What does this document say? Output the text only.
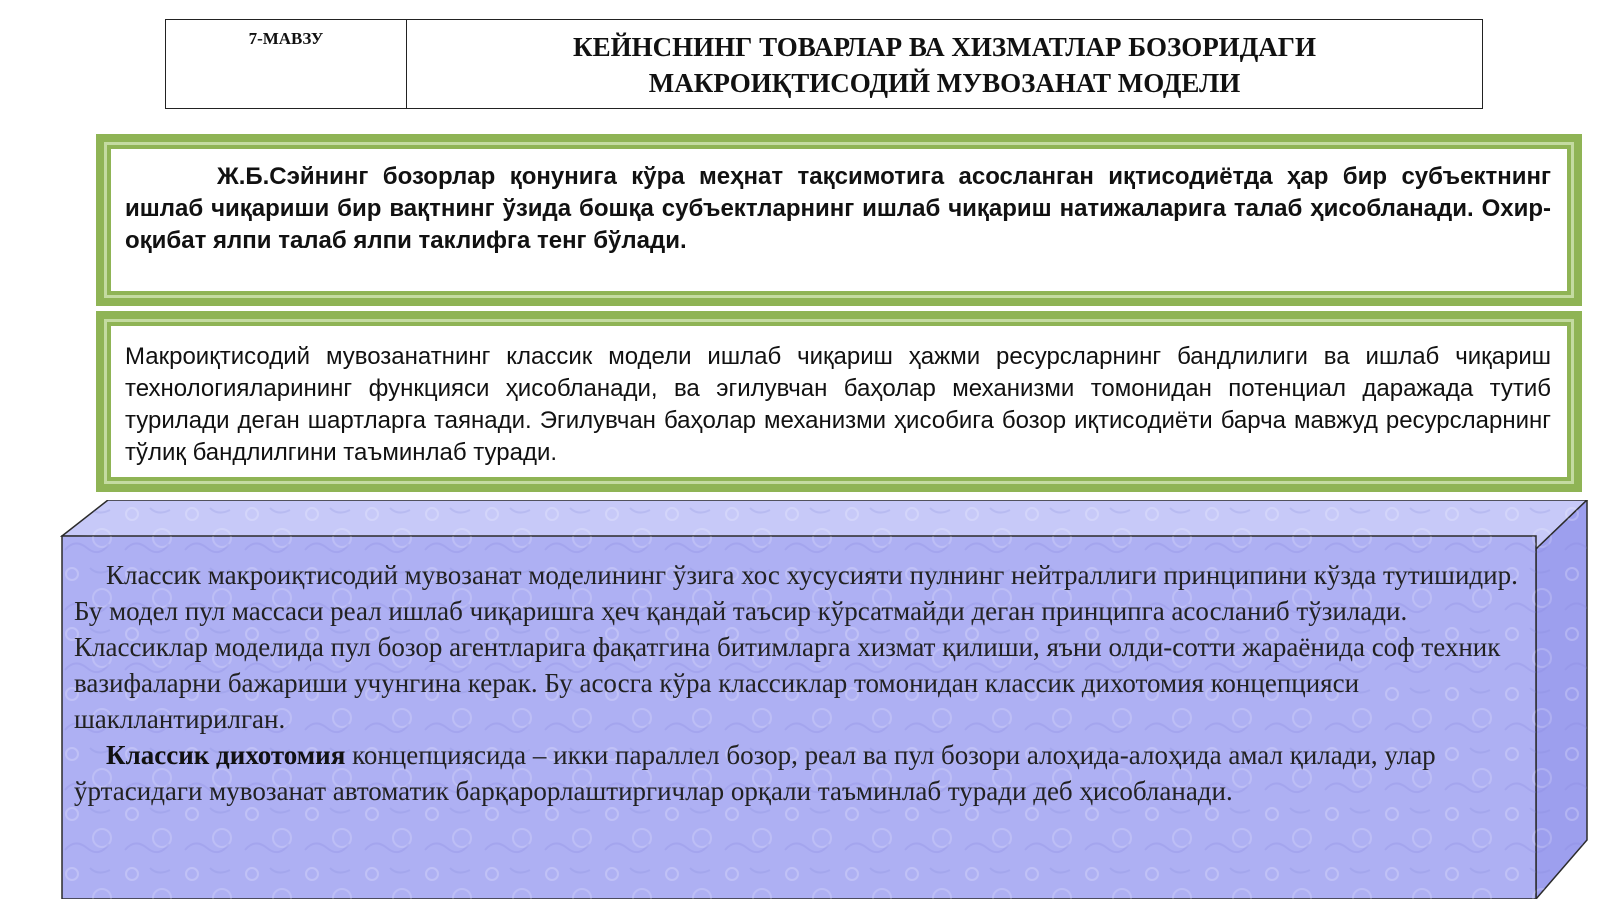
7-МАВЗУ	КЕЙНСНИНГ ТОВАРЛАР ВА ХИЗМАТЛАР БОЗОРИДАГИ
МАКРОИҚТИСОДИЙ МУВОЗАНАТ МОДЕЛИ
Ж.Б.Сэйнинг бозорлар қонунига кўра меҳнат тақсимотига асосланган иқтисодиётда ҳар бир субъектнинг ишлаб чиқариши бир вақтнинг ўзида бошқа субъектларнинг ишлаб чиқариш натижаларига талаб ҳисобланади. Охир-оқибат ялпи талаб ялпи таклифга тенг бўлади.
Макроиқтисодий мувозанатнинг классик модели ишлаб чиқариш ҳажми ресурсларнинг бандлилиги ва ишлаб чиқариш технологияларининг функцияси ҳисобланади, ва эгилувчан баҳолар механизми томонидан потенциал даражада тутиб турилади деган шартларга таянади. Эгилувчан баҳолар механизми ҳисобига бозор иқтисодиёти барча мавжуд ресурсларнинг тўлиқ бандлилгини таъминлаб туради.

Классик макроиқтисодий мувозанат моделининг ўзига хос хусусияти пулнинг нейтраллиги принципини кўзда тутишидир. Бу модел пул массаси реал ишлаб чиқаришга ҳеч қандай таъсир кўрсатмайди деган принципга асосланиб тўзилади. Классиклар моделида пул бозор агентларига фақатгина битимларга хизмат қилиши, яъни олди-сотти жараёнида соф техник вазифаларни бажариши учунгина керак. Бу асосга кўра классиклар томонидан классик дихотомия концепцияси шакллантирилган.

Классик дихотомия концепциясида – икки параллел бозор, реал ва пул бозори алоҳида-алоҳида амал қилади, улар ўртасидаги мувозанат автоматик барқарорлаштиргичлар орқали таъминлаб туради деб ҳисобланади.
